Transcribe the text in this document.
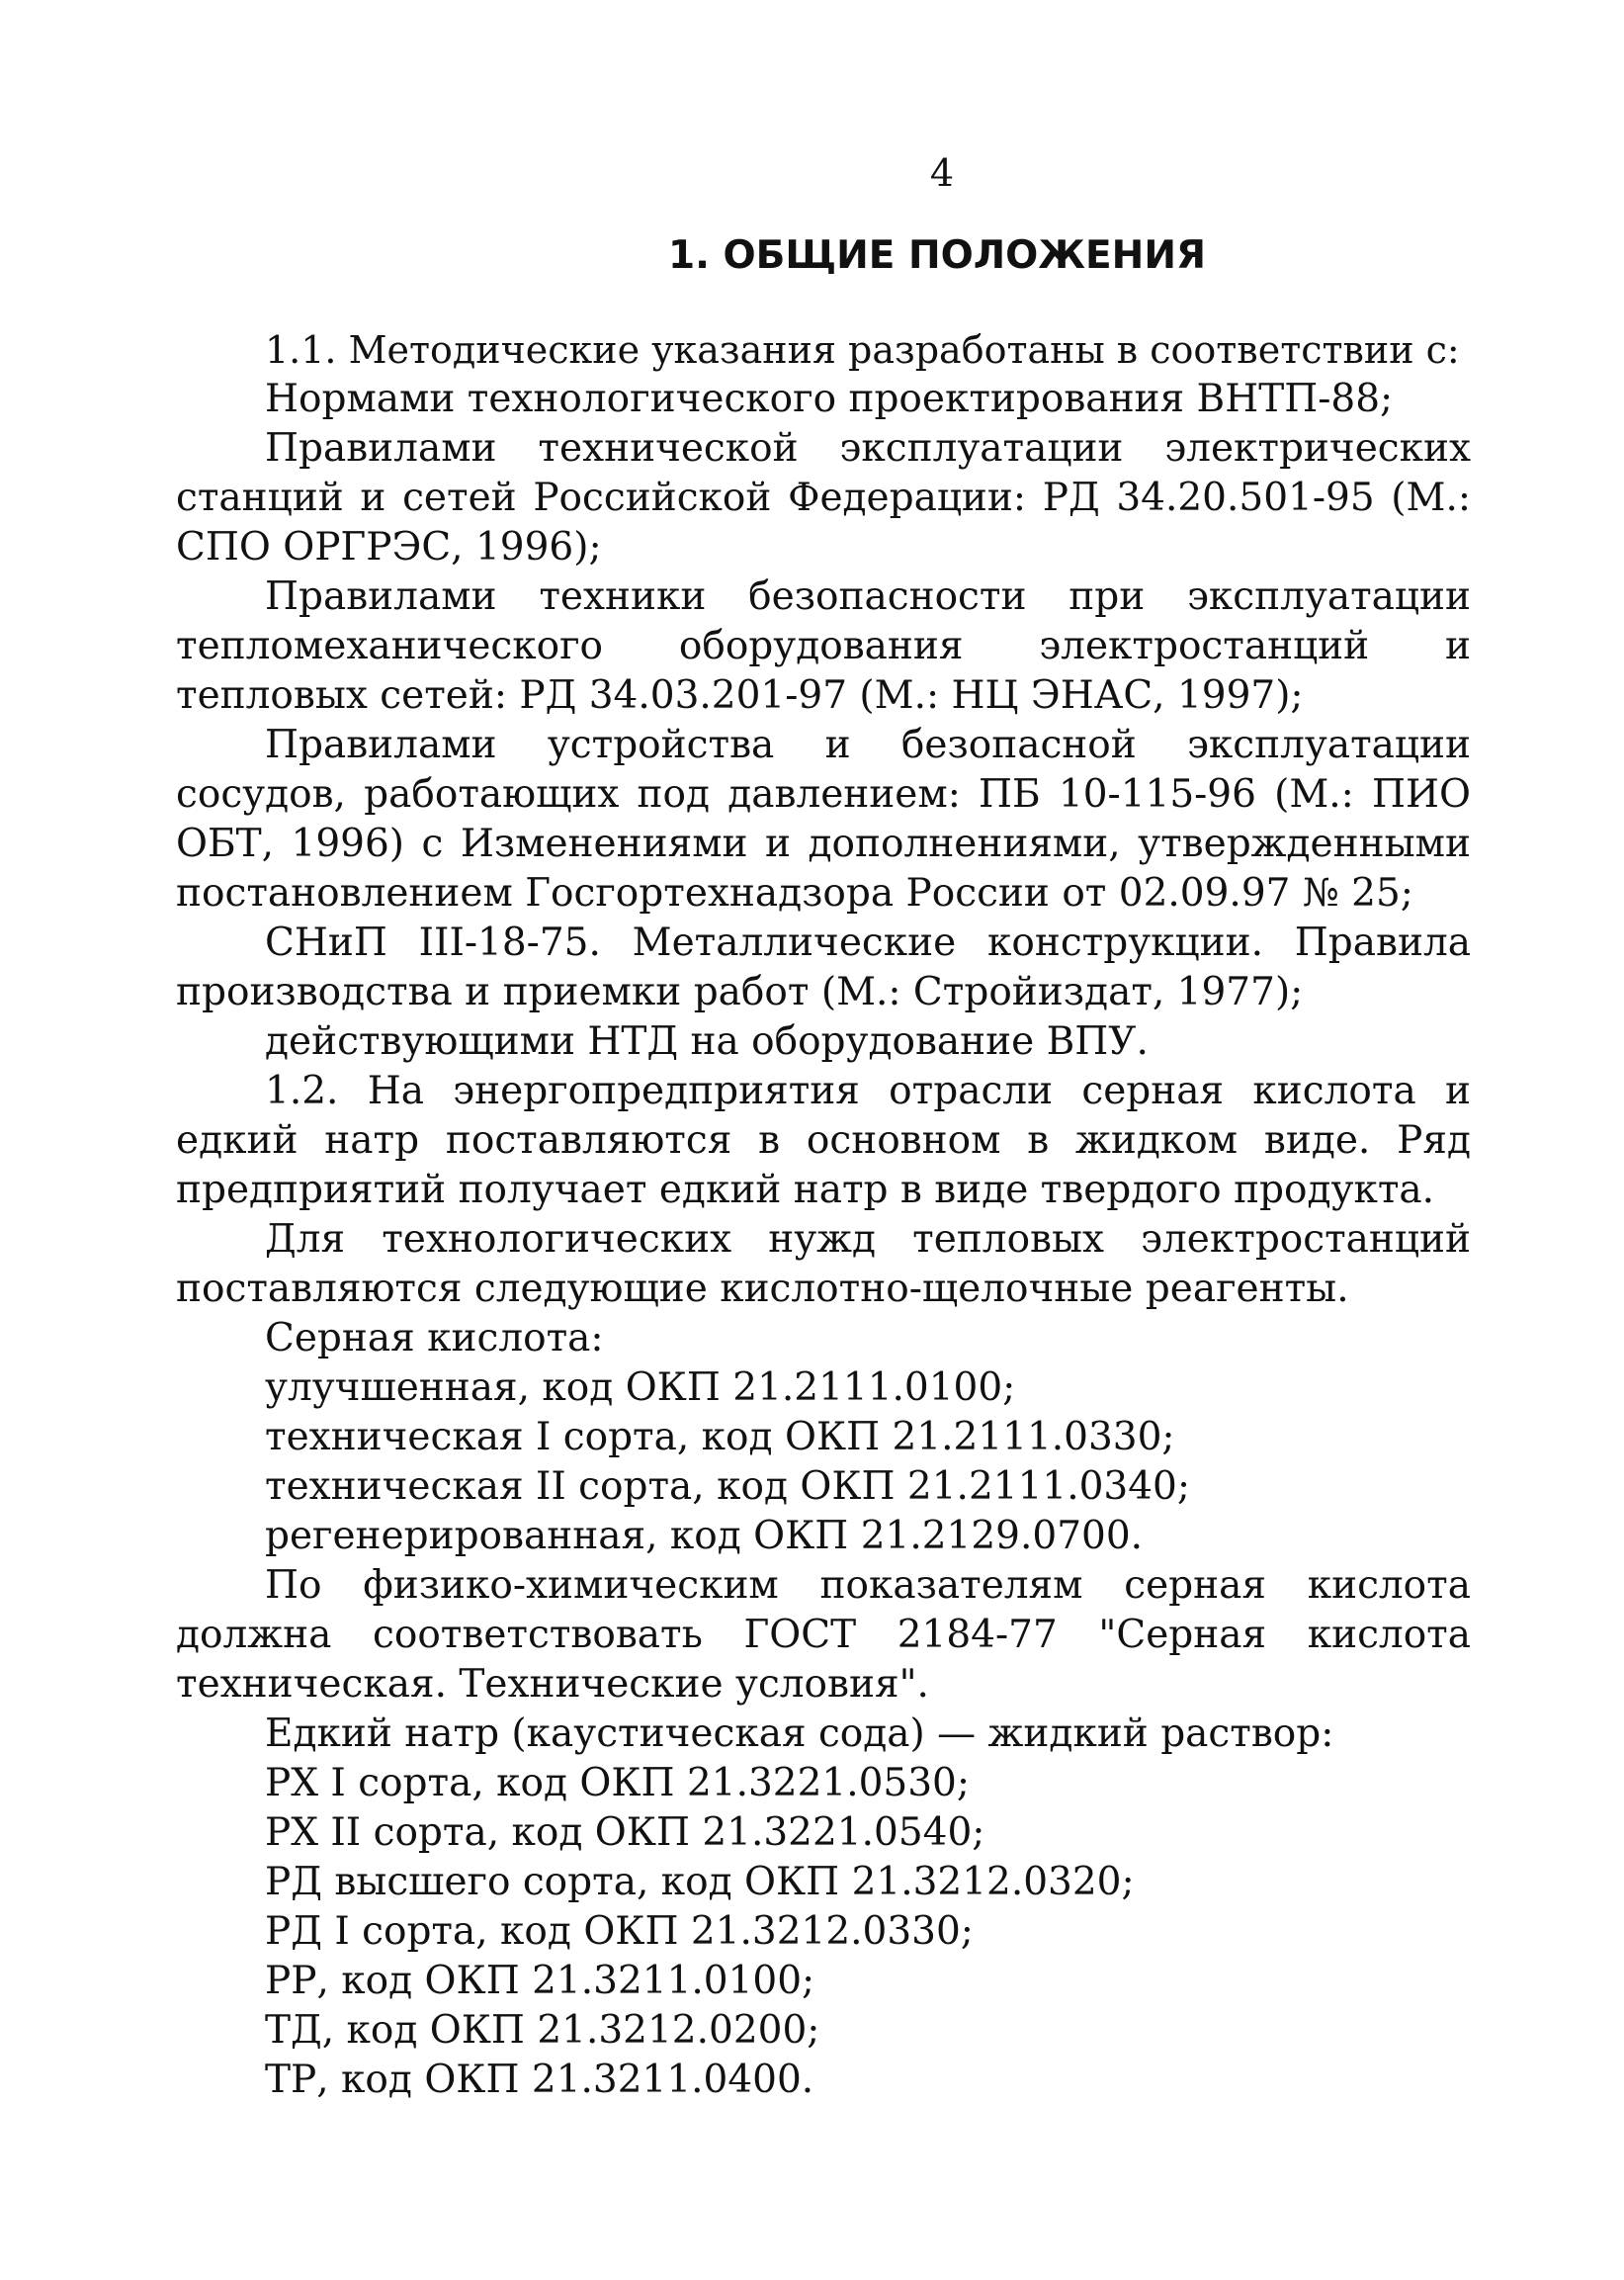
4
1. ОБЩИЕ ПОЛОЖЕНИЯ

1.1. Методические указания разработаны в соответствии с:

Нормами технологического проектирования ВНТП-88;

Правилами технической эксплуатации электрических станций и сетей Российской Федерации: РД 34.20.501-95 (М.: СПО ОРГРЭС, 1996);

Правилами техники безопасности при эксплуатации тепломеханического оборудования электростанций и тепловых сетей: РД 34.03.201-97 (М.: НЦ ЭНАС, 1997);

Правилами устройства и безопасной эксплуатации сосудов, работающих под давлением: ПБ 10-115-96 (М.: ПИО ОБТ, 1996) с Изменениями и дополнениями, утвержденными постановлением Госгортехнадзора России от 02.09.97 № 25;

СНиП III-18-75. Металлические конструкции. Правила производства и приемки работ (М.: Стройиздат, 1977);

действующими НТД на оборудование ВПУ.

1.2. На энергопредприятия отрасли серная кислота и едкий натр поставляются в основном в жидком виде. Ряд предприятий получает едкий натр в виде твердого продукта.

Для технологических нужд тепловых электростанций поставляются следующие кислотно-щелочные реагенты.

Серная кислота:

улучшенная, код ОКП 21.2111.0100;

техническая I сорта, код ОКП 21.2111.0330;

техническая II сорта, код ОКП 21.2111.0340;

регенерированная, код ОКП 21.2129.0700.

По физико-химическим показателям серная кислота должна соответствовать ГОСТ 2184-77 "Серная кислота техническая. Технические условия".

Едкий натр (каустическая сода) — жидкий раствор:

РХ I сорта, код ОКП 21.3221.0530;

РХ II сорта, код ОКП 21.3221.0540;

РД высшего сорта, код ОКП 21.3212.0320;

РД I сорта, код ОКП 21.3212.0330;

РР, код ОКП 21.3211.0100;

ТД, код ОКП 21.3212.0200;

ТР, код ОКП 21.3211.0400.
